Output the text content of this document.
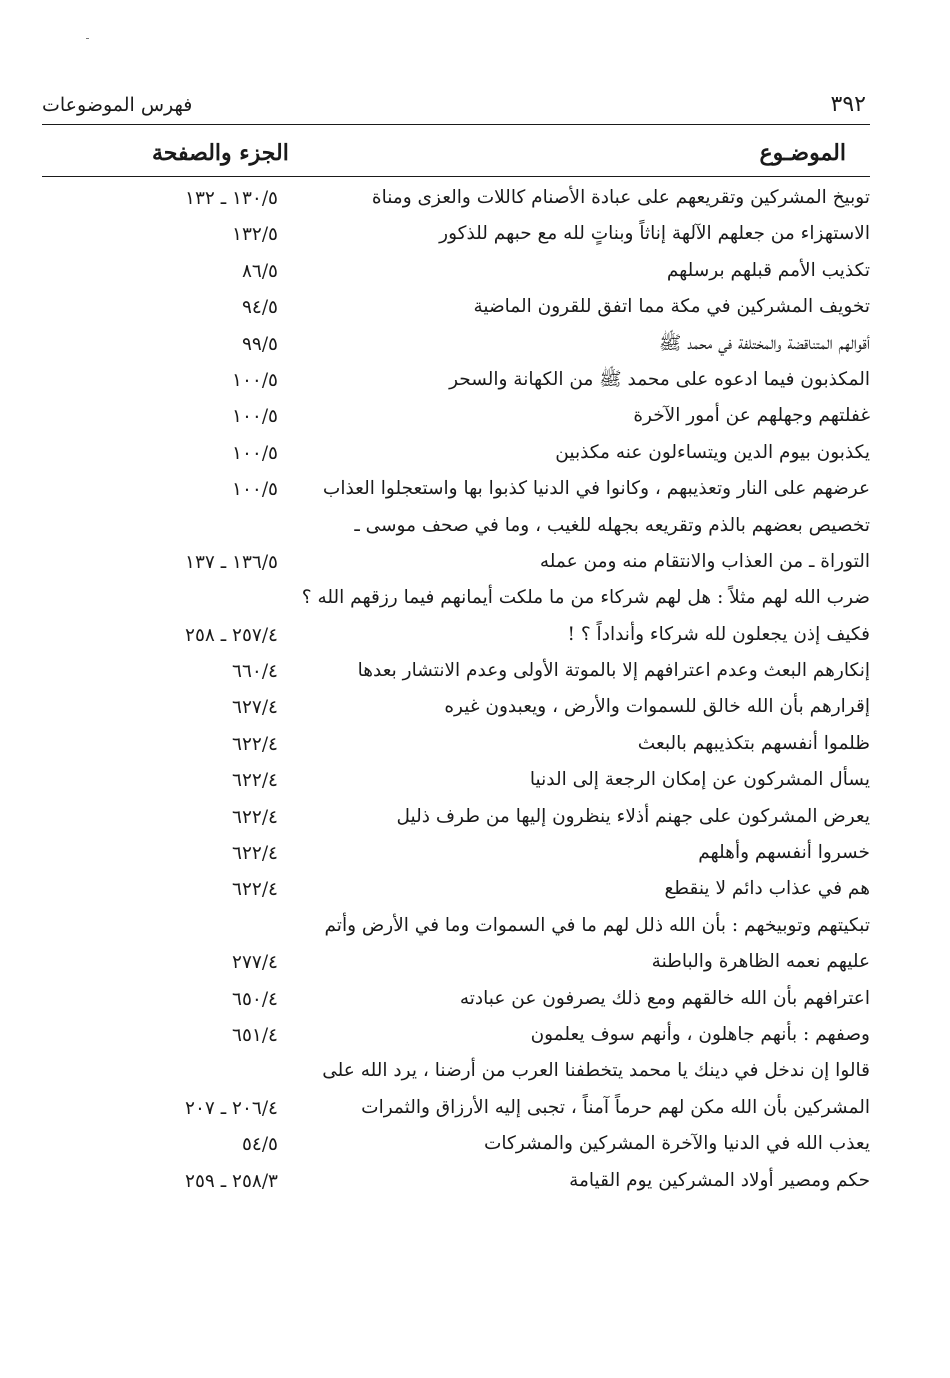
٣٩٢
فهرس الموضوعات
الموضـوع
الجزء والصفحة
توبيخ المشركين وتقريعهم على عبادة الأصنام كاللات والعزى ومناة
١٣٠/٥ ـ ١٣٢
الاستهزاء من جعلهم الآلهة إناثاً وبناتٍ لله مع حبهم للذكور
١٣٢/٥
تكذيب الأمم قبلهم برسلهم
٨٦/٥
تخويف المشركين في مكة مما اتفق للقرون الماضية
٩٤/٥
أقوالهم المتناقضة والمختلفة في محمد ﷺ
٩٩/٥
المكذبون فيما ادعوه على محمد ﷺ من الكهانة والسحر
١٠٠/٥
غفلتهم وجهلهم عن أمور الآخرة
١٠٠/٥
يكذبون بيوم الدين ويتساءلون عنه مكذبين
١٠٠/٥
عرضهم على النار وتعذيبهم ، وكانوا في الدنيا كذبوا بها واستعجلوا العذاب
١٠٠/٥
تخصيص بعضهم بالذم وتقريعه بجهله للغيب ، وما في صحف موسى ـ
التوراة ـ من العذاب والانتقام منه ومن عمله
١٣٦/٥ ـ ١٣٧
ضرب الله لهم مثلاً : هل لهم شركاء من ما ملكت أيمانهم فيما رزقهم الله ؟
فكيف إذن يجعلون لله شركاء وأنداداً ؟ !
٢٥٧/٤ ـ ٢٥٨
إنكارهم البعث وعدم اعترافهم إلا بالموتة الأولى وعدم الانتشار بعدها
٦٦٠/٤
إقرارهم بأن الله خالق للسموات والأرض ، ويعبدون غيره
٦٢٧/٤
ظلموا أنفسهم بتكذيبهم بالبعث
٦٢٢/٤
يسأل المشركون عن إمكان الرجعة إلى الدنيا
٦٢٢/٤
يعرض المشركون على جهنم أذلاء ينظرون إليها من طرف ذليل
٦٢٢/٤
خسروا أنفسهم وأهلهم
٦٢٢/٤
هم في عذاب دائم لا ينقطع
٦٢٢/٤
تبكيتهم وتوبيخهم : بأن الله ذلل لهم ما في السموات وما في الأرض وأتم
عليهم نعمه الظاهرة والباطنة
٢٧٧/٤
اعترافهم بأن الله خالقهم ومع ذلك يصرفون عن عبادته
٦٥٠/٤
وصفهم : بأنهم جاهلون ، وأنهم سوف يعلمون
٦٥١/٤
قالوا إن ندخل في دينك يا محمد يتخطفنا العرب من أرضنا ، يرد الله على
المشركين بأن الله مكن لهم حرماً آمناً ، تجبى إليه الأرزاق والثمرات
٢٠٦/٤ ـ ٢٠٧
يعذب الله في الدنيا والآخرة المشركين والمشركات
٥٤/٥
حكم ومصير أولاد المشركين يوم القيامة
٢٥٨/٣ ـ ٢٥٩
